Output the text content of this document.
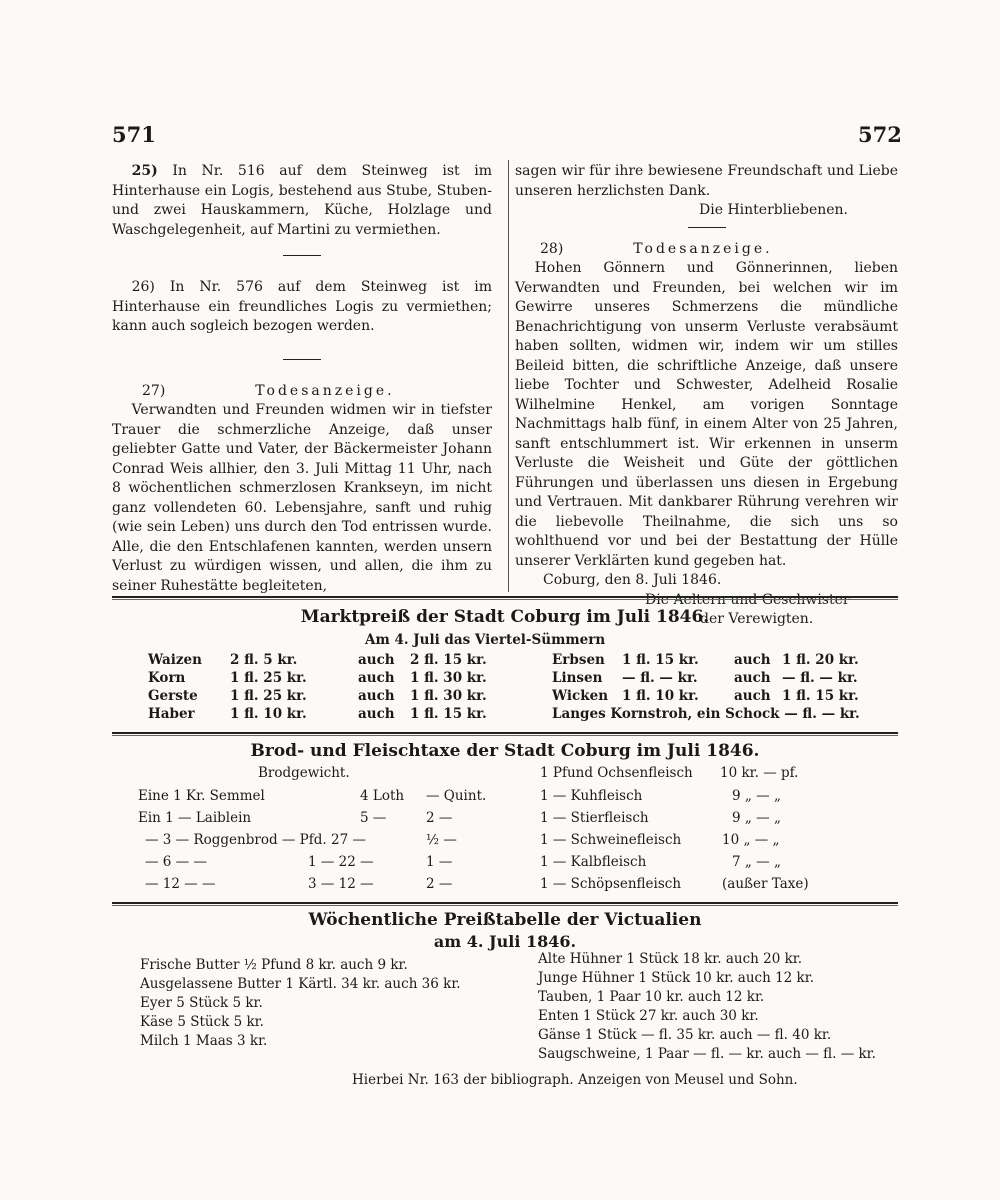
571	572

25) In Nr. 516 auf dem Steinweg ist im Hinterhause ein Logis, bestehend aus Stube, Stuben- und zwei Hauskammern, Küche, Holzlage und Waschgelegenheit, auf Martini zu vermiethen.

26) In Nr. 576 auf dem Steinweg ist im Hinterhause ein freundliches Logis zu vermiethen; kann auch sogleich bezogen werden.

27)	Todesanzeige.

Verwandten und Freunden widmen wir in tiefster Trauer die schmerzliche Anzeige, daß unser geliebter Gatte und Vater, der Bäckermeister Johann Conrad Weis allhier, den 3. Juli Mittag 11 Uhr, nach 8 wöchentlichen schmerzlosen Krankseyn, im nicht ganz vollendeten 60. Lebensjahre, sanft und ruhig (wie sein Leben) uns durch den Tod entrissen wurde. Alle, die den Entschlafenen kannten, werden unsern Verlust zu würdigen wissen, und allen, die ihm zu seiner Ruhestätte begleiteten,

sagen wir für ihre bewiesene Freundschaft und Liebe unseren herzlichsten Dank.

Die Hinterbliebenen.

28)	Todesanzeige.

Hohen Gönnern und Gönnerinnen, lieben Verwandten und Freunden, bei welchen wir im Gewirre unseres Schmerzens die mündliche Benachrichtigung von unserm Verluste verabsäumt haben sollten, widmen wir, indem wir um stilles Beileid bitten, die schriftliche Anzeige, daß unsere liebe Tochter und Schwester, Adelheid Rosalie Wilhelmine Henkel, am vorigen Sonntage Nachmittags halb fünf, in einem Alter von 25 Jahren, sanft entschlummert ist. Wir erkennen in unserm Verluste die Weisheit und Güte der göttlichen Führungen und überlassen uns diesen in Ergebung und Vertrauen. Mit dankbarer Rührung verehren wir die liebevolle Theilnahme, die sich uns so wohlthuend vor und bei der Bestattung der Hülle unserer Verklärten kund gegeben hat.

Coburg, den 8. Juli 1846.

Die Aeltern und Geschwister

der Verewigten.

Marktpreiß der Stadt Coburg im Juli 1846.
Am 4. Juli das Viertel-Sümmern
Waizen 2 fl. 5 kr.	auch 2 fl. 15 kr.
Korn	1 fl. 25 kr.	auch 1 fl. 30 kr.
Gerste 1 fl. 25 kr.	auch 1 fl. 30 kr.
Haber	1 fl. 10 kr.	auch 1 fl. 15 kr.
Erbsen 1 fl. 15 kr.	auch 1 fl. 20 kr.
Linsen — fl. — kr.	auch — fl. — kr.
Wicken 1 fl. 10 kr.	auch 1 fl. 15 kr.
Langes Kornstroh, ein Schock — fl. — kr.
Brod- und Fleischtaxe der Stadt Coburg im Juli 1846.
Brodgewicht.
Eine 1 Kr. Semmel	4 Loth — Quint.
Ein 1 — Laiblein	5 —	2 —
— 3 — Roggenbrod — Pfd. 27 —	½ —
— 6 — —	1 — 22 —	1 —
— 12 — —	3 — 12 —	2 —
1 Pfund Ochsenfleisch 10 kr. — pf.
1 — Kuhfleisch	9 „ — „
1 — Stierfleisch	9 „ — „
1 — Schweinefleisch	10 „ — „
1 — Kalbfleisch	7 „ — „
1 — Schöpsenfleisch	(außer Taxe)
Wöchentliche Preißtabelle der Victualien
am 4. Juli 1846.
Frische Butter ½ Pfund 8 kr. auch 9 kr.
Ausgelassene Butter 1 Kärtl. 34 kr. auch 36 kr.
Eyer 5 Stück 5 kr.
Käse 5 Stück 5 kr.
Milch 1 Maas 3 kr.
Alte Hühner 1 Stück 18 kr. auch 20 kr.
Junge Hühner 1 Stück 10 kr. auch 12 kr.
Tauben, 1 Paar 10 kr. auch 12 kr.
Enten 1 Stück 27 kr. auch 30 kr.
Gänse 1 Stück — fl. 35 kr. auch — fl. 40 kr.
Saugschweine, 1 Paar — fl. — kr. auch — fl. — kr.
Hierbei Nr. 163 der bibliograph. Anzeigen von Meusel und Sohn.
